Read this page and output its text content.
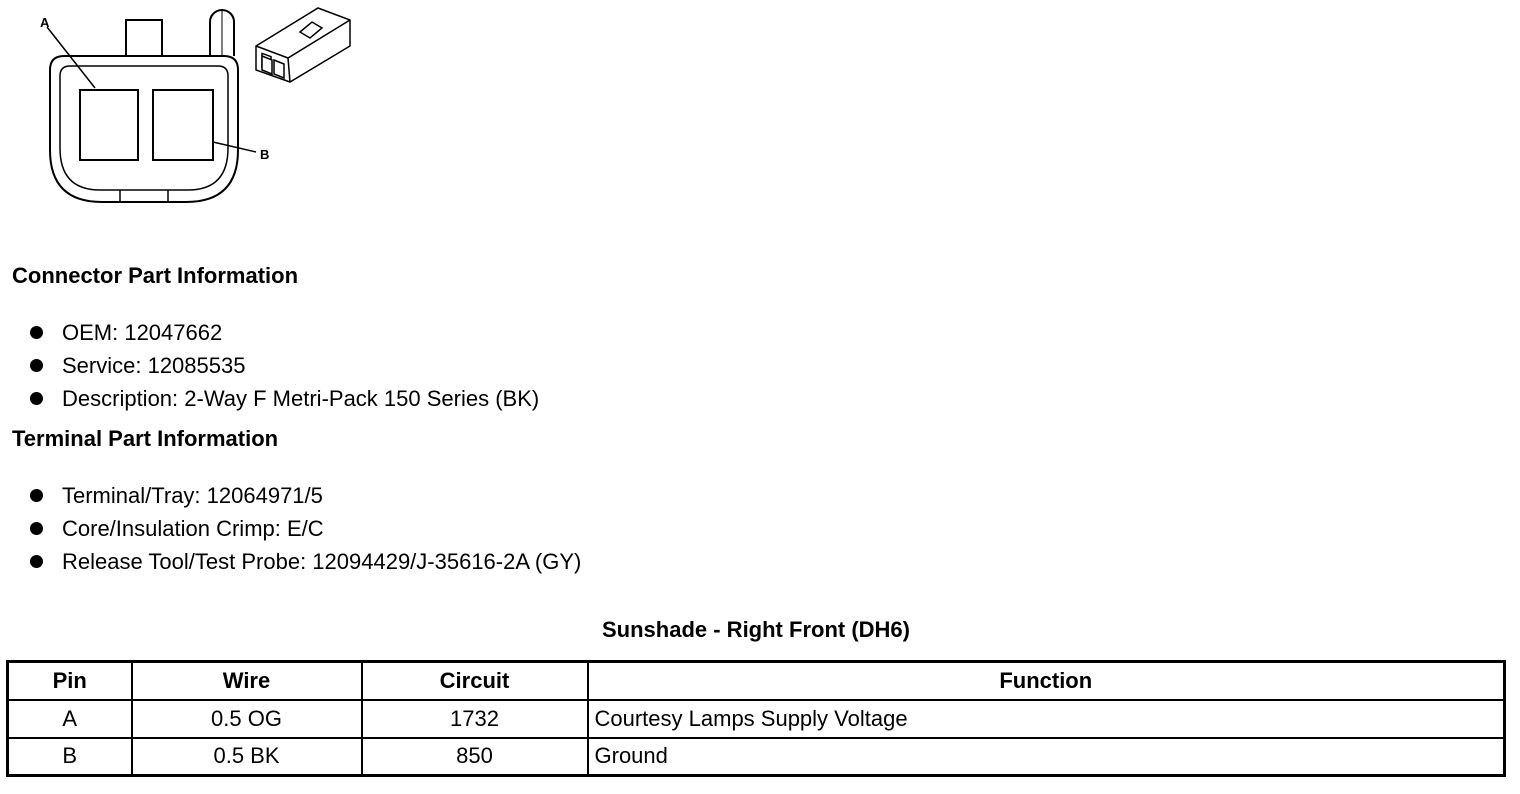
A
B
Connector Part Information
OEM: 12047662
Service: 12085535
Description: 2-Way F Metri-Pack 150 Series (BK)
Terminal Part Information
Terminal/Tray: 12064971/5
Core/Insulation Crimp: E/C
Release Tool/Test Probe: 12094429/J-35616-2A (GY)
Sunshade - Right Front (DH6)
Pin	Wire	Circuit	Function
A	0.5 OG	1732	Courtesy Lamps Supply Voltage
B	0.5 BK	850	Ground
